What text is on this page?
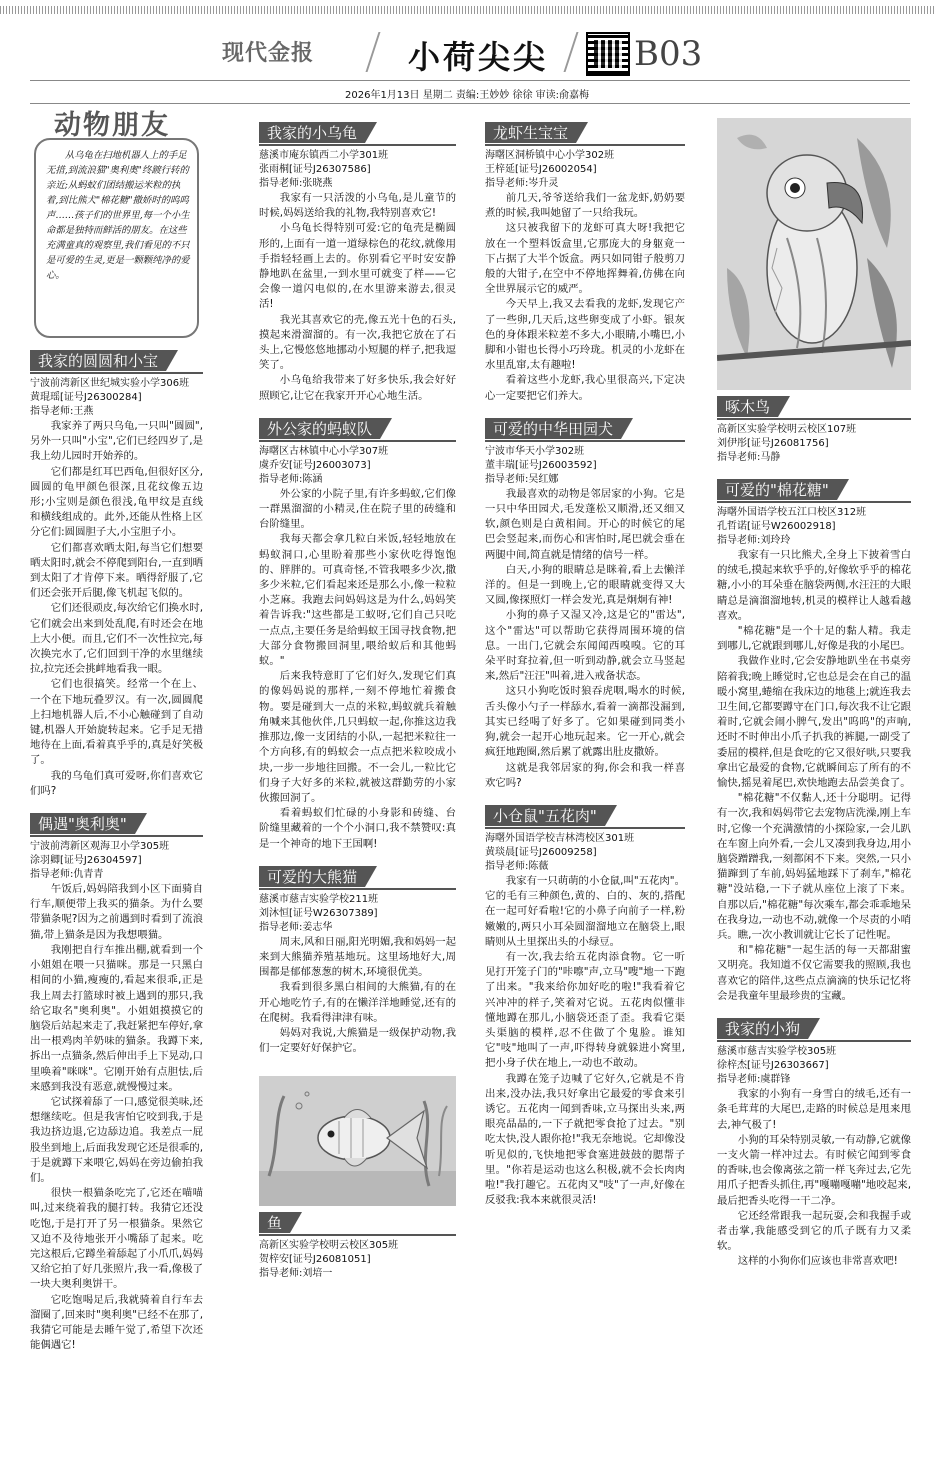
现代金报	小荷尖尖	B03
2026年1月13日 星期二 责编:王妙妙 徐徐 审读:俞嘉梅
动物朋友
从乌龟在扫地机器人上的手足无措,到流浪猫"奥利奥"终踱行转的亲近;从蚂蚁们团结搬运米粒的执着,到比熊犬"棉花糖"撒娇时的呜呜声……孩子们的世界里,每一个小生命都是独特而鲜活的朋友。在这些充满童真的观察里,我们看见的不只是可爱的生灵,更是一颗颗纯净的爱心。
我家的圆圆和小宝
宁波前湾新区世纪城实验小学306班
黄琨瑶[证号J26300284]
指导老师:王燕

我家养了两只乌龟,一只叫"圆圆",另外一只叫"小宝",它们已经四岁了,是我上幼儿园时开始养的。

它们都是红耳巴西龟,但很好区分,圆圆的龟甲颜色很深,且花纹像五边形;小宝则是颜色很浅,龟甲纹是直线和横线组成的。此外,还能从性格上区分它们:圆圆胆子大,小宝胆子小。

它们都喜欢晒太阳,每当它们想要晒太阳时,就会不停爬到阳台,一直到晒到太阳了才肯停下来。晒得舒服了,它们还会张开后腿,像飞机起飞似的。

它们还很顽皮,每次给它们换水时,它们就会出来到处乱爬,有时还会在地上大小便。而且,它们不一次性拉完,每次换完水了,它们回到干净的水里继续拉,拉完还会挑衅地看我一眼。

它们也很搞笑。经常一个在上、一个在下地玩叠罗汉。有一次,圆圆爬上扫地机器人后,不小心触碰到了自动键,机器人开始旋转起来。它手足无措地待在上面,看着真乎乎的,真是好笑极了。

我的乌龟们真可爱呀,你们喜欢它们吗?

偶遇"奥利奥"
宁波前湾新区观海卫小学305班
涂羽卿[证号J26304597]
指导老师:仇青青

午饭后,妈妈陪我到小区下面骑自行车,顺便带上我买的猫条。为什么要带猫条呢?因为之前遇到时看到了流浪猫,带上猫条是因为我想喂猫。

我刚把自行车推出棚,就看到一个小姐姐在喂一只猫咪。那是一只黑白相间的小猫,瘦瘦的,看起来很乖,正是我上周去打篮球时被上遇到的那只,我给它取名"奥利奥"。小姐姐摸摸它的脑袋后站起来走了,我赶紧把车停好,拿出一根鸡肉羊奶味的猫条。我蹲下来,拆出一点猫条,然后伸出手上下晃动,口里唤着"咪咪"。它刚开始有点胆怯,后来感到我没有恶意,就慢慢过来。

它试探着舔了一口,感觉很美味,还想继续吃。但是我害怕它咬到我,于是我边挤边退,它边舔边追。我差点一屁股坐到地上,后面我发现它还是很乖的,于是就蹲下来喂它,妈妈在旁边偷拍我们。

很快一根猫条吃完了,它还在喵喵叫,过来绕着我的腿打转。我猜它还没吃饱,于是打开了另一根猫条。果然它又迫不及待地张开小嘴舔了起来。吃完这根后,它蹲坐着舔起了小爪爪,妈妈又给它拍了好几张照片,我一看,像极了一块大奥利奥饼干。

它吃饱喝足后,我就骑着自行车去溜圈了,回来时"奥利奥"已经不在那了,我猜它可能是去睡午觉了,希望下次还能偶遇它!

我家的小乌龟
慈溪市庵东镇西二小学301班
张雨桐[证号J26307586]
指导老师:张晓燕

我家有一只活泼的小乌龟,是儿童节的时候,妈妈送给我的礼物,我特别喜欢它!

小乌龟长得特别可爱:它的龟壳是椭圆形的,上面有一道一道绿棕色的花纹,就像用手指轻轻画上去的。你别看它平时安安静静地趴在盆里,一到水里可就变了样——它会像一道闪电似的,在水里游来游去,很灵活!

我光其喜欢它的壳,像五光十色的石头,摸起来滑溜溜的。有一次,我把它放在了石头上,它慢悠悠地挪动小短腿的样子,把我逗笑了。

小乌龟给我带来了好多快乐,我会好好照顾它,让它在我家开开心心地生活。

外公家的蚂蚁队
海曙区古林镇中心小学307班
虞乔安[证号J26003073]
指导老师:陈涵

外公家的小院子里,有许多蚂蚁,它们像一群黑溜溜的小精灵,住在院子里的砖缝和台阶缝里。

我每天都会拿几粒白米饭,轻轻地放在蚂蚁洞口,心里盼着那些小家伙吃得饱饱的、胖胖的。可真奇怪,不管我喂多少次,撒多少米粒,它们看起来还是那么小,像一粒粒小芝麻。我跑去问妈妈这是为什么,妈妈笑着告诉我:"这些都是工蚁呀,它们自己只吃一点点,主要任务是给蚂蚁王国寻找食物,把大部分食物搬回洞里,喂给蚁后和其他蚂蚁。"

后来我特意盯了它们好久,发现它们真的像妈妈说的那样,一刻不停地忙着搬食物。要是碰到大一点的米粒,蚂蚁就兵着触角喊来其他伙伴,几只蚂蚁一起,你推这边我推那边,像一支团结的小队,一起把米粒往一个方向移,有的蚂蚁会一点点把米粒咬成小块,一步一步地往回搬。不一会儿,一粒比它们身子大好多的米粒,就被这群勤劳的小家伙搬回洞了。

看着蚂蚁们忙碌的小身影和砖缝、台阶缝里藏着的一个个小洞口,我不禁赞叹:真是一个神奇的地下王国啊!

可爱的大熊猫
慈溪市慈吉实验学校211班
刘沐恒[证号W26307389]
指导老师:姜志华

周末,风和日丽,阳光明媚,我和妈妈一起来到大熊猫养殖基地玩。这里场地好大,周围都是郁郁葱葱的树木,环境很优美。

我看到很多黑白相间的大熊猫,有的在开心地吃竹子,有的在懒洋洋地睡觉,还有的在爬树。我看得津津有味。

妈妈对我说,大熊猫是一级保护动物,我们一定要好好保护它。

鱼
高新区实验学校明云校区305班
贺梓安[证号J26081051]
指导老师:刘培一
龙虾生宝宝
海曙区洞桥镇中心小学302班
王梓延[证号J26002054]
指导老师:岑升灵

前几天,爷爷送给我们一盆龙虾,奶奶要煮的时候,我叫她留了一只给我玩。

这只被我留下的龙虾可真大呀!我把它放在一个塑料饭盒里,它那庞大的身躯竟一下占据了大半个饭盒。两只如同钳子般剪刀般的大钳子,在空中不停地挥舞着,仿佛在向全世界展示它的威严。

今天早上,我又去看我的龙虾,发现它产了一些卵,几天后,这些卵变成了小虾。银灰色的身体跟米粒差不多大,小眼睛,小嘴巴,小脚和小钳也长得小巧玲珑。机灵的小龙虾在水里乱窜,太有趣啦!

看着这些小龙虾,我心里很高兴,下定决心一定要把它们养大。

可爱的中华田园犬
宁波市华天小学302班
董丰瑞[证号J26003592]
指导老师:吴红娜

我最喜欢的动物是邻居家的小狗。它是一只中华田园犬,毛发蓬松又顺滑,还又细又软,颜色则是白黄相间。开心的时候它的尾巴会竖起来,而伤心和害怕时,尾巴就会垂在两腿中间,简直就是情绪的信号一样。

白天,小狗的眼睛总是眯着,看上去懒洋洋的。但是一到晚上,它的眼睛就变得又大又圆,像探照灯一样会发光,真是炯炯有神!

小狗的鼻子又湿又冷,这是它的"雷达",这个"雷达"可以帮助它获得周围环境的信息。一出门,它就会东闻闻西嗅嗅。它的耳朵平时耷拉着,但一听到动静,就会立马竖起来,然后"汪汪"叫着,进入戒备状态。

这只小狗吃饭时狼吞虎咽,喝水的时候,舌头像小勺子一样舔水,看着一滴都没漏到,其实已经喝了好多了。它如果碰到同类小狗,就会一起开心地玩起来。它一开心,就会疯狂地跑圈,然后累了就露出肚皮撒娇。

这就是我邻居家的狗,你会和我一样喜欢它吗?

小仓鼠"五花肉"
海曙外国语学校吉林湾校区301班
黄琰晨[证号J26009258]
指导老师:陈薇

我家有一只萌萌的小仓鼠,叫"五花肉"。它的毛有三种颜色,黄的、白的、灰的,搭配在一起可好看啦!它的小鼻子向前子一样,粉嫩嫩的,两只小耳朵圆溜溜地立在脑袋上,眼睛则从土里探出头的小绿豆。

有一次,我去给五花肉添食物。它一听见打开笼子门的"咔嚓"声,立马"嗖"地一下跑了出来。"我来给你加好吃的啦!"我看着它兴冲冲的样子,笑着对它说。五花肉似懂非懂地蹲在那儿,小脑袋还歪了歪。我看它渠头渠脑的模样,忍不住做了个鬼脸。谁知它"吱"地叫了一声,吓得转身就躲进小窝里,把小身子伏在地上,一动也不敢动。

我蹲在笼子边喊了它好久,它就是不肯出来,没办法,我只好拿出它最爱的零食来引诱它。五花肉一闻到香味,立马探出头来,两眼亮晶晶的,一下子就把零食抢了过去。"别吃太快,没人跟你抢!"我无奈地说。它却像没听见似的,飞快地把零食塞进鼓鼓的腮帮子里。"你若是运动也这么积极,就不会长肉肉啦!"我打趣它。五花肉又"吱"了一声,好像在反驳我:我本来就很灵活!

啄木鸟
高新区实验学校明云校区107班
刘伊彤[证号J26081756]
指导老师:马静
可爱的"棉花糖"
海曙外国语学校五江口校区312班
孔哲诺[证号W26002918]
指导老师:刘玲玲

我家有一只比熊犬,全身上下披着雪白的绒毛,摸起来软乎乎的,好像软乎乎的棉花糖,小小的耳朵垂在脑袋两侧,水汪汪的大眼睛总是滴溜溜地转,机灵的模样让人越看越喜欢。

"棉花糖"是一个十足的黏人精。我走到哪儿,它就跟到哪儿,好像是我的小尾巴。

我做作业时,它会安静地趴坐在书桌旁陪着我;晚上睡觉时,它也总是会在自己的温暖小窝里,蜷缩在我床边的地毯上;就连我去卫生间,它都要蹲守在门口,每次我不让它跟着时,它就会闹小脾气,发出"呜呜"的声响,还时不时伸出小爪子扒我的裤腿,一副受了委屈的模样,但是食吃的它又很好哄,只要我拿出它最爱的食物,它就瞬间忘了所有的不愉快,摇晃着尾巴,欢快地跑去品尝美食了。

"棉花糖"不仅黏人,还十分聪明。记得有一次,我和妈妈带它去宠物店洗澡,刚上车时,它像一个充满激情的小探险家,一会儿趴在车窗上向外看,一会儿又凑到我身边,用小脑袋蹭蹭我,一刻都闲不下来。突然,一只小猫蹿到了车前,妈妈猛地踩下了刹车,"棉花糖"没站稳,一下子就从座位上滚了下来。自那以后,"棉花糖"每次乘车,都会乖乖地呆在我身边,一动也不动,就像一个尽责的小哨兵。瞧,一次小教训就让它长了记性呢。

和"棉花糖"一起生活的每一天都甜蜜又明亮。我知道不仅它需要我的照顾,我也喜欢它的陪伴,这些点点滴滴的快乐记忆将会是我童年里最珍贵的宝藏。

我家的小狗
慈溪市慈吉实验学校305班
徐梓杰[证号J26303667]
指导老师:虞群锋

我家的小狗有一身雪白的绒毛,还有一条毛茸茸的大尾巴,走路的时候总是甩来甩去,神气极了!

小狗的耳朵特别灵敏,一有动静,它就像一支火箭一样冲过去。有时候它闻到零食的香味,也会像离弦之箭一样飞奔过去,它先用爪子把香头抓住,再"嘎嘣嘎嘣"地咬起来,最后把香头吃得一干二净。

它还经常跟我一起玩耍,会和我握手或者击掌,我能感受到它的爪子既有力又柔软。

这样的小狗你们应该也非常喜欢吧!
